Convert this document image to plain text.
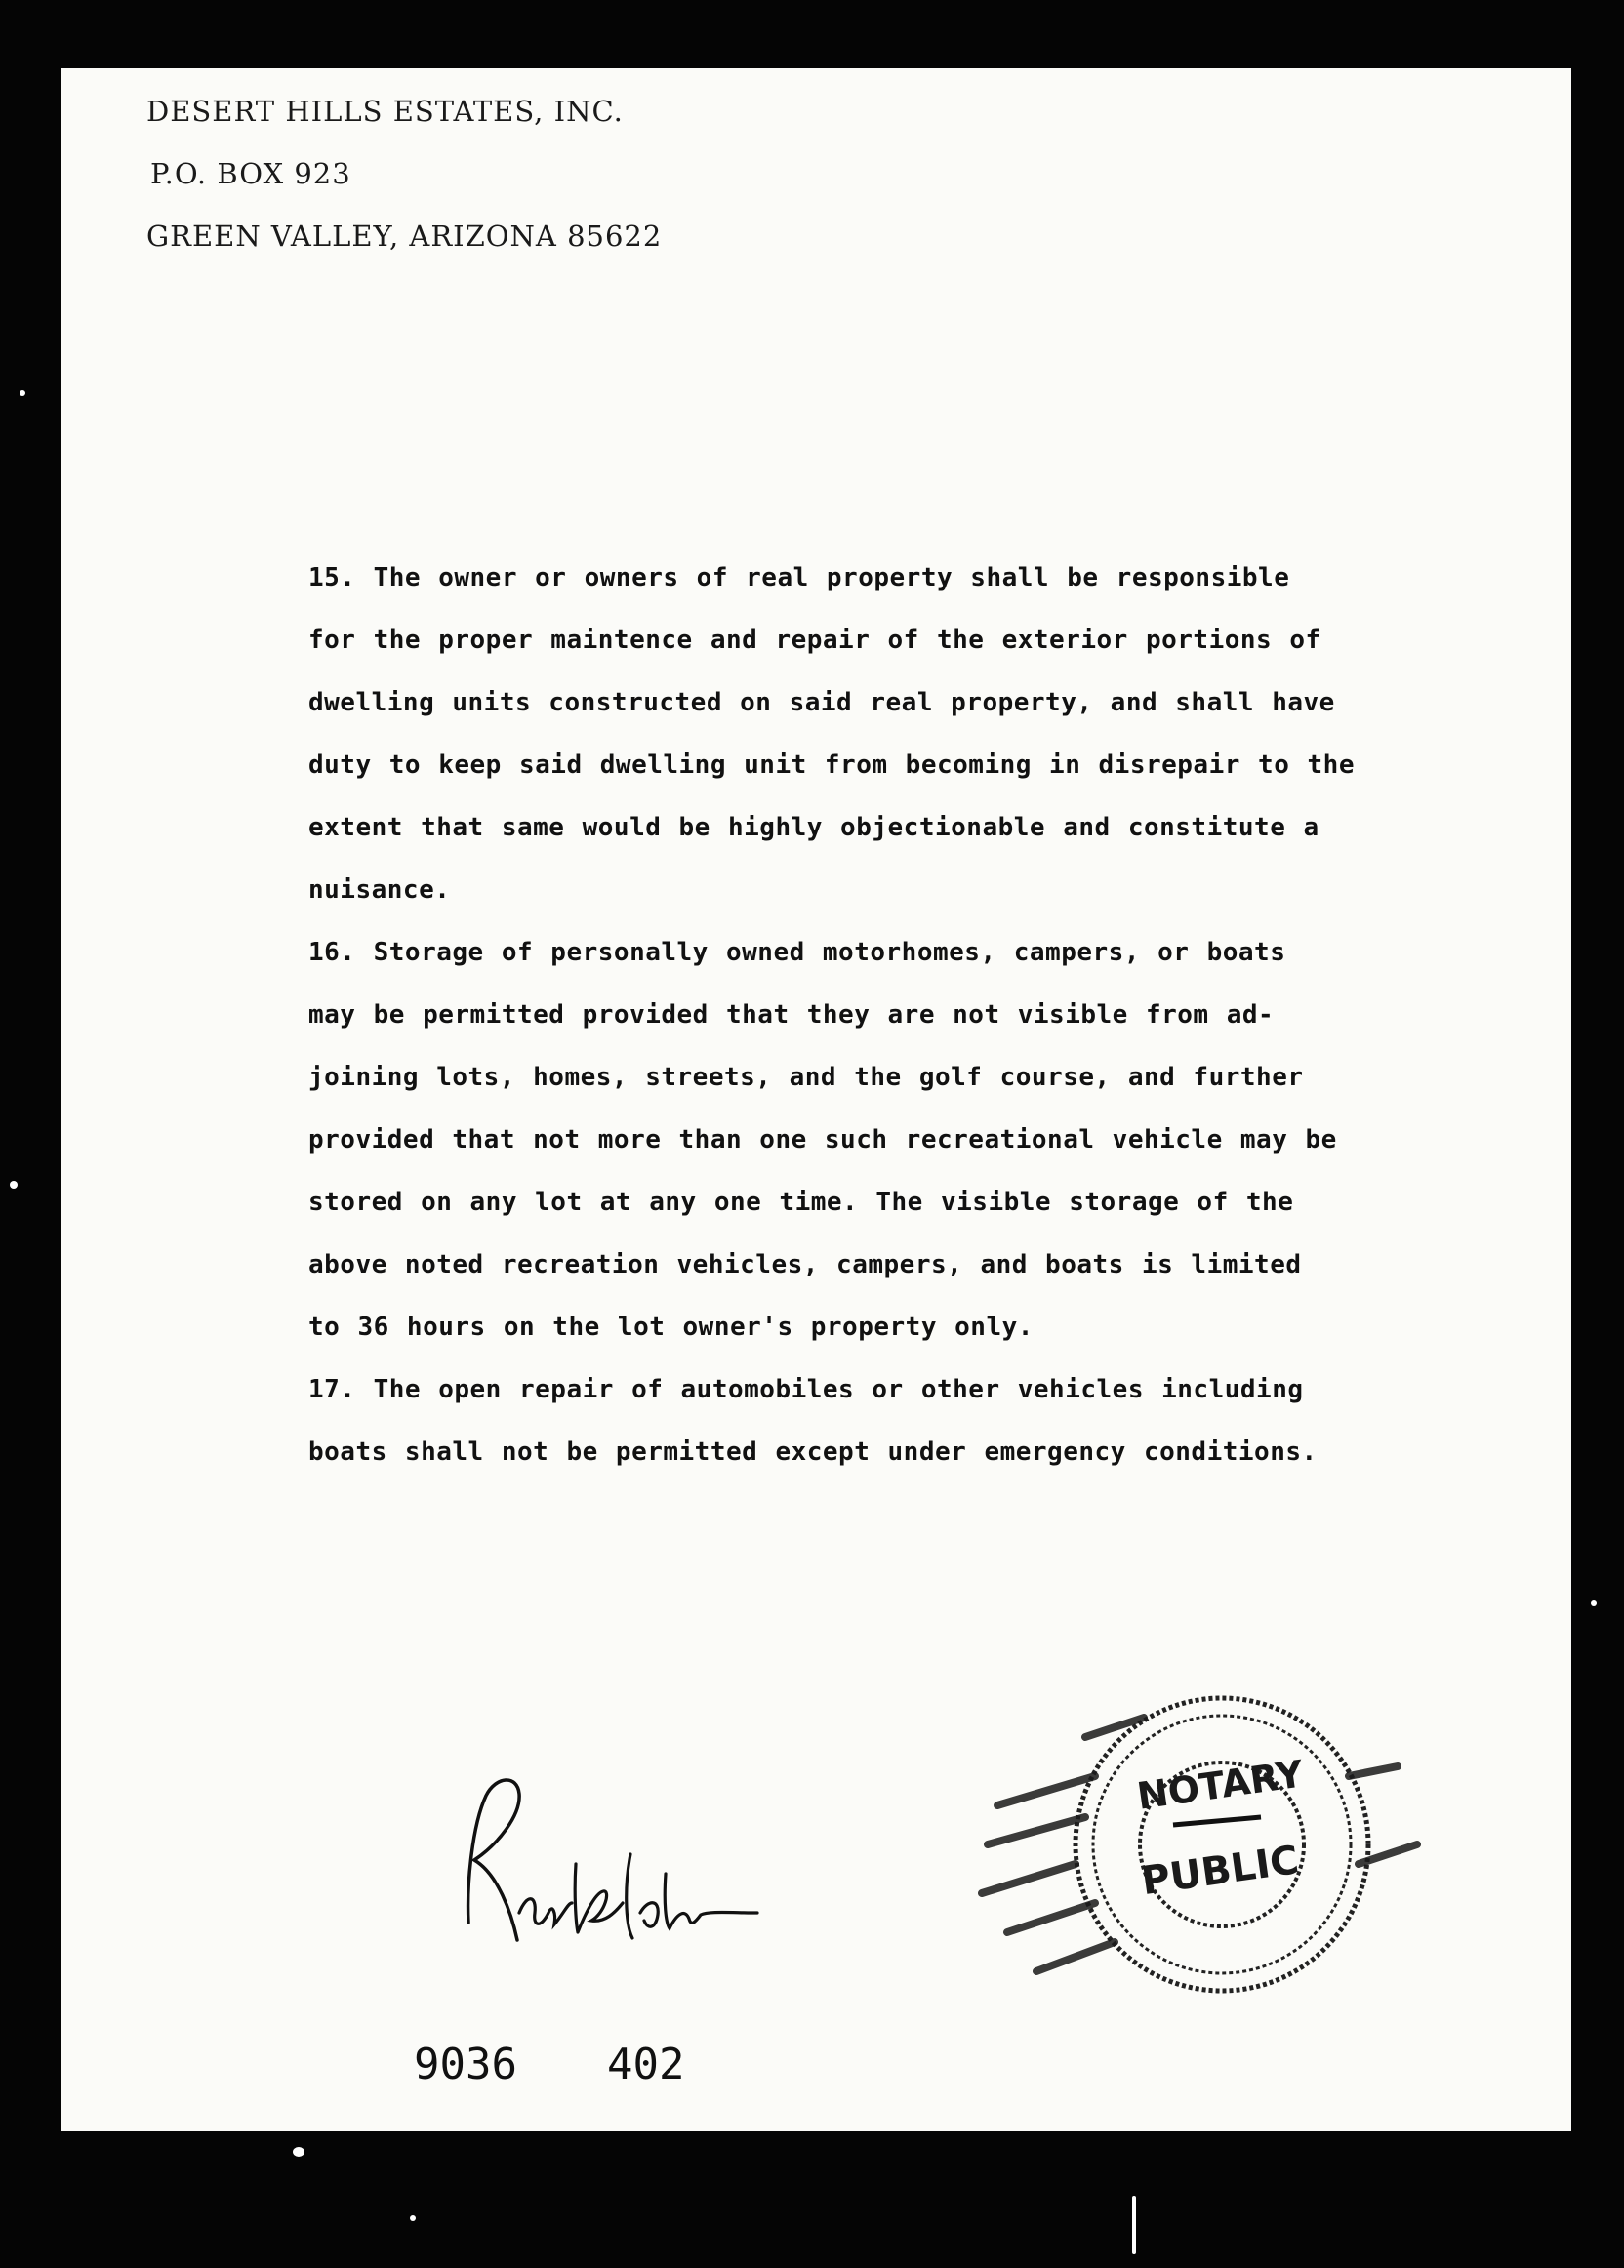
DESERT HILLS ESTATES, INC.
P.O. BOX 923
GREEN VALLEY, ARIZONA 85622
15. The owner or owners of real property shall be responsible
for the proper maintence and repair of the exterior portions of
dwelling units constructed on said real property, and shall have
duty to keep said dwelling unit from becoming in disrepair to the
extent that same would be highly objectionable and constitute a
nuisance.
16. Storage of personally owned motorhomes, campers, or boats
may be permitted provided that they are not visible from ad-
joining lots, homes, streets, and the golf course, and further
provided that not more than one such recreational vehicle may be
stored on any lot at any one time. The visible storage of the
above noted recreation vehicles, campers, and boats is limited
to 36 hours on the lot owner's property only.
17. The open repair of automobiles or other vehicles including
boats shall not be permitted except under emergency conditions.
NOTARY
PUBLIC
9036 402
